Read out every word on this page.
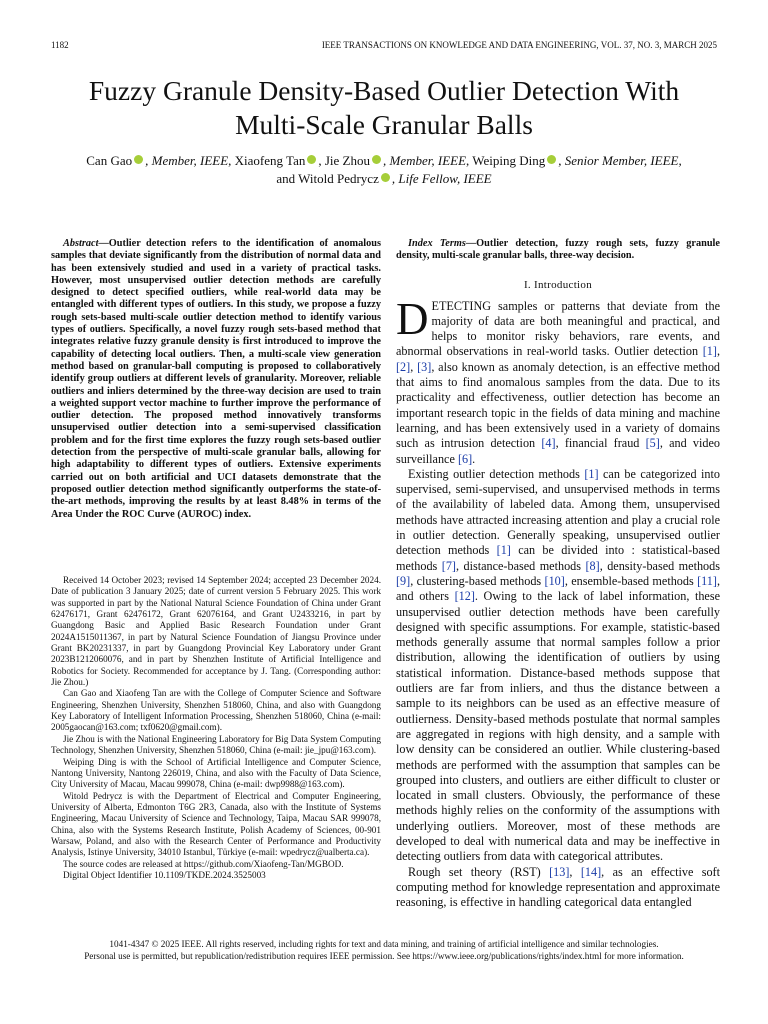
1182	IEEE TRANSACTIONS ON KNOWLEDGE AND DATA ENGINEERING, VOL. 37, NO. 3, MARCH 2025
Fuzzy Granule Density-Based Outlier Detection With
Multi-Scale Granular Balls
Can Gao , Member, IEEE, Xiaofeng Tan , Jie Zhou , Member, IEEE, Weiping Ding , Senior Member, IEEE,
and Witold Pedrycz , Life Fellow, IEEE
Abstract—Outlier detection refers to the identification of anomalous samples that deviate significantly from the distribution of normal data and has been extensively studied and used in a variety of practical tasks. However, most unsupervised outlier detection methods are carefully designed to detect specified outliers, while real-world data may be entangled with different types of outliers. In this study, we propose a fuzzy rough sets-based multi-scale outlier detection method to identify various types of outliers. Specifically, a novel fuzzy rough sets-based method that integrates relative fuzzy granule density is first introduced to improve the capability of detecting local outliers. Then, a multi-scale view generation method based on granular-ball computing is proposed to collaboratively identify group outliers at different levels of granularity. Moreover, reliable outliers and inliers determined by the three-way decision are used to train a weighted support vector machine to further improve the performance of outlier detection. The proposed method innovatively transforms unsupervised outlier detection into a semi-supervised classification problem and for the first time explores the fuzzy rough sets-based outlier detection from the perspective of multi-scale granular balls, allowing for high adaptability to different types of outliers. Extensive experiments carried out on both artificial and UCI datasets demonstrate that the proposed outlier detection method significantly outperforms the state-of-the-art methods, improving the results by at least 8.48% in terms of the Area Under the ROC Curve (AUROC) index.

Received 14 October 2023; revised 14 September 2024; accepted 23 December 2024. Date of publication 3 January 2025; date of current version 5 February 2025. This work was supported in part by the National Natural Science Foundation of China under Grant 62476171, Grant 62476172, Grant 62076164, and Grant U2433216, in part by Guangdong Basic and Applied Basic Research Foundation under Grant 2024A1515011367, in part by Natural Science Foundation of Jiangsu Province under Grant BK20231337, in part by Guangdong Provincial Key Laboratory under Grant 2023B1212060076, and in part by Shenzhen Institute of Artificial Intelligence and Robotics for Society. Recommended for acceptance by J. Tang. (Corresponding author: Jie Zhou.)

Can Gao and Xiaofeng Tan are with the College of Computer Science and Software Engineering, Shenzhen University, Shenzhen 518060, China, and also with Guangdong Key Laboratory of Intelligent Information Processing, Shenzhen 518060, China (e-mail: 2005gaocan@163.com; txf0620@gmail.com).

Jie Zhou is with the National Engineering Laboratory for Big Data System Computing Technology, Shenzhen University, Shenzhen 518060, China (e-mail: jie_jpu@163.com).

Weiping Ding is with the School of Artificial Intelligence and Computer Science, Nantong University, Nantong 226019, China, and also with the Faculty of Data Science, City University of Macau, Macau 999078, China (e-mail: dwp9988@163.com).

Witold Pedrycz is with the Department of Electrical and Computer Engineering, University of Alberta, Edmonton T6G 2R3, Canada, also with the Institute of Systems Engineering, Macau University of Science and Technology, Taipa, Macau SAR 999078, China, also with the Systems Research Institute, Polish Academy of Sciences, 00-901 Warsaw, Poland, and also with the Research Center of Performance and Productivity Analysis, Istinye University, 34010 Istanbul, Türkiye (e-mail: wpedrycz@ualberta.ca).

The source codes are released at https://github.com/Xiaofeng-Tan/MGBOD.

Digital Object Identifier 10.1109/TKDE.2024.3525003

Index Terms—Outlier detection, fuzzy rough sets, fuzzy granule density, multi-scale granular balls, three-way decision.
I. Introduction

DETECTING samples or patterns that deviate from the majority of data are both meaningful and practical, and helps to monitor risky behaviors, rare events, and abnormal observations in real-world tasks. Outlier detection [1], [2], [3], also known as anomaly detection, is an effective method that aims to find anomalous samples from the data. Due to its practicality and effectiveness, outlier detection has become an important research topic in the fields of data mining and machine learning, and has been extensively used in a variety of domains such as intrusion detection [4], financial fraud [5], and video surveillance [6].

Existing outlier detection methods [1] can be categorized into supervised, semi-supervised, and unsupervised methods in terms of the availability of labeled data. Among them, unsupervised methods have attracted increasing attention and play a crucial role in outlier detection. Generally speaking, unsupervised outlier detection methods [1] can be divided into : statistical-based methods [7], distance-based methods [8], density-based methods [9], clustering-based methods [10], ensemble-based methods [11], and others [12]. Owing to the lack of label information, these unsupervised outlier detection methods have been carefully designed with specific assumptions. For example, statistic-based methods generally assume that normal samples follow a prior distribution, allowing the identification of outliers by using statistical information. Distance-based methods suppose that outliers are far from inliers, and thus the distance between a sample to its neighbors can be used as an effective measure of outlierness. Density-based methods postulate that normal samples are aggregated in regions with high density, and a sample with low density can be considered an outlier. While clustering-based methods are performed with the assumption that samples can be grouped into clusters, and outliers are either difficult to cluster or located in small clusters. Obviously, the performance of these methods highly relies on the conformity of the assumptions with underlying outliers. Moreover, most of these methods are developed to deal with numerical data and may be ineffective in detecting outliers from data with categorical attributes.

Rough set theory (RST) [13], [14], as an effective soft computing method for knowledge representation and approximate reasoning, is effective in handling categorical data entangled

1041-4347 © 2025 IEEE. All rights reserved, including rights for text and data mining, and training of artificial intelligence and similar technologies.
Personal use is permitted, but republication/redistribution requires IEEE permission. See https://www.ieee.org/publications/rights/index.html for more information.
